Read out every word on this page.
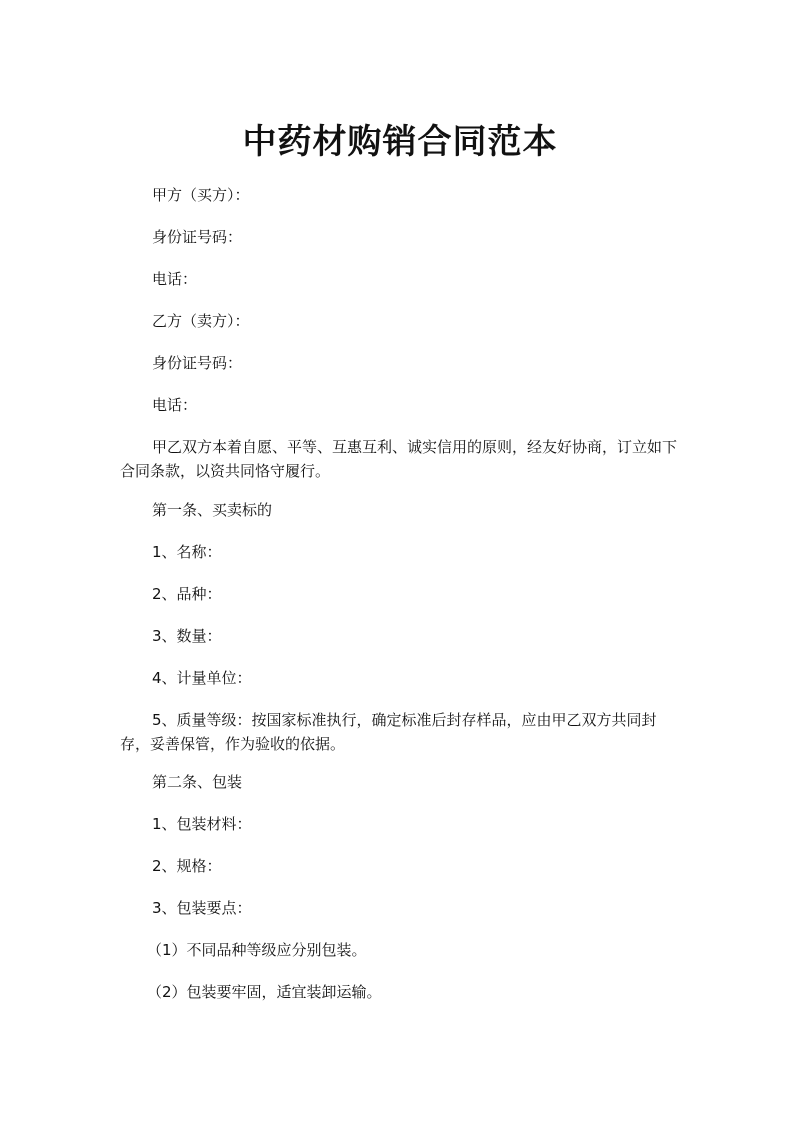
中药材购销合同范本
甲方（买方）：
身份证号码：
电话：
乙方（卖方）：
身份证号码：
电话：
甲乙双方本着自愿、平等、互惠互利、诚实信用的原则，经友好协商，订立如下合同条款，以资共同恪守履行。
第一条、买卖标的
1、名称：
2、品种：
3、数量：
4、计量单位：
5、质量等级：按国家标准执行，确定标准后封存样品，应由甲乙双方共同封存，妥善保管，作为验收的依据。
第二条、包装
1、包装材料：
2、规格：
3、包装要点：
（1）不同品种等级应分别包装。
（2）包装要牢固，适宜装卸运输。
